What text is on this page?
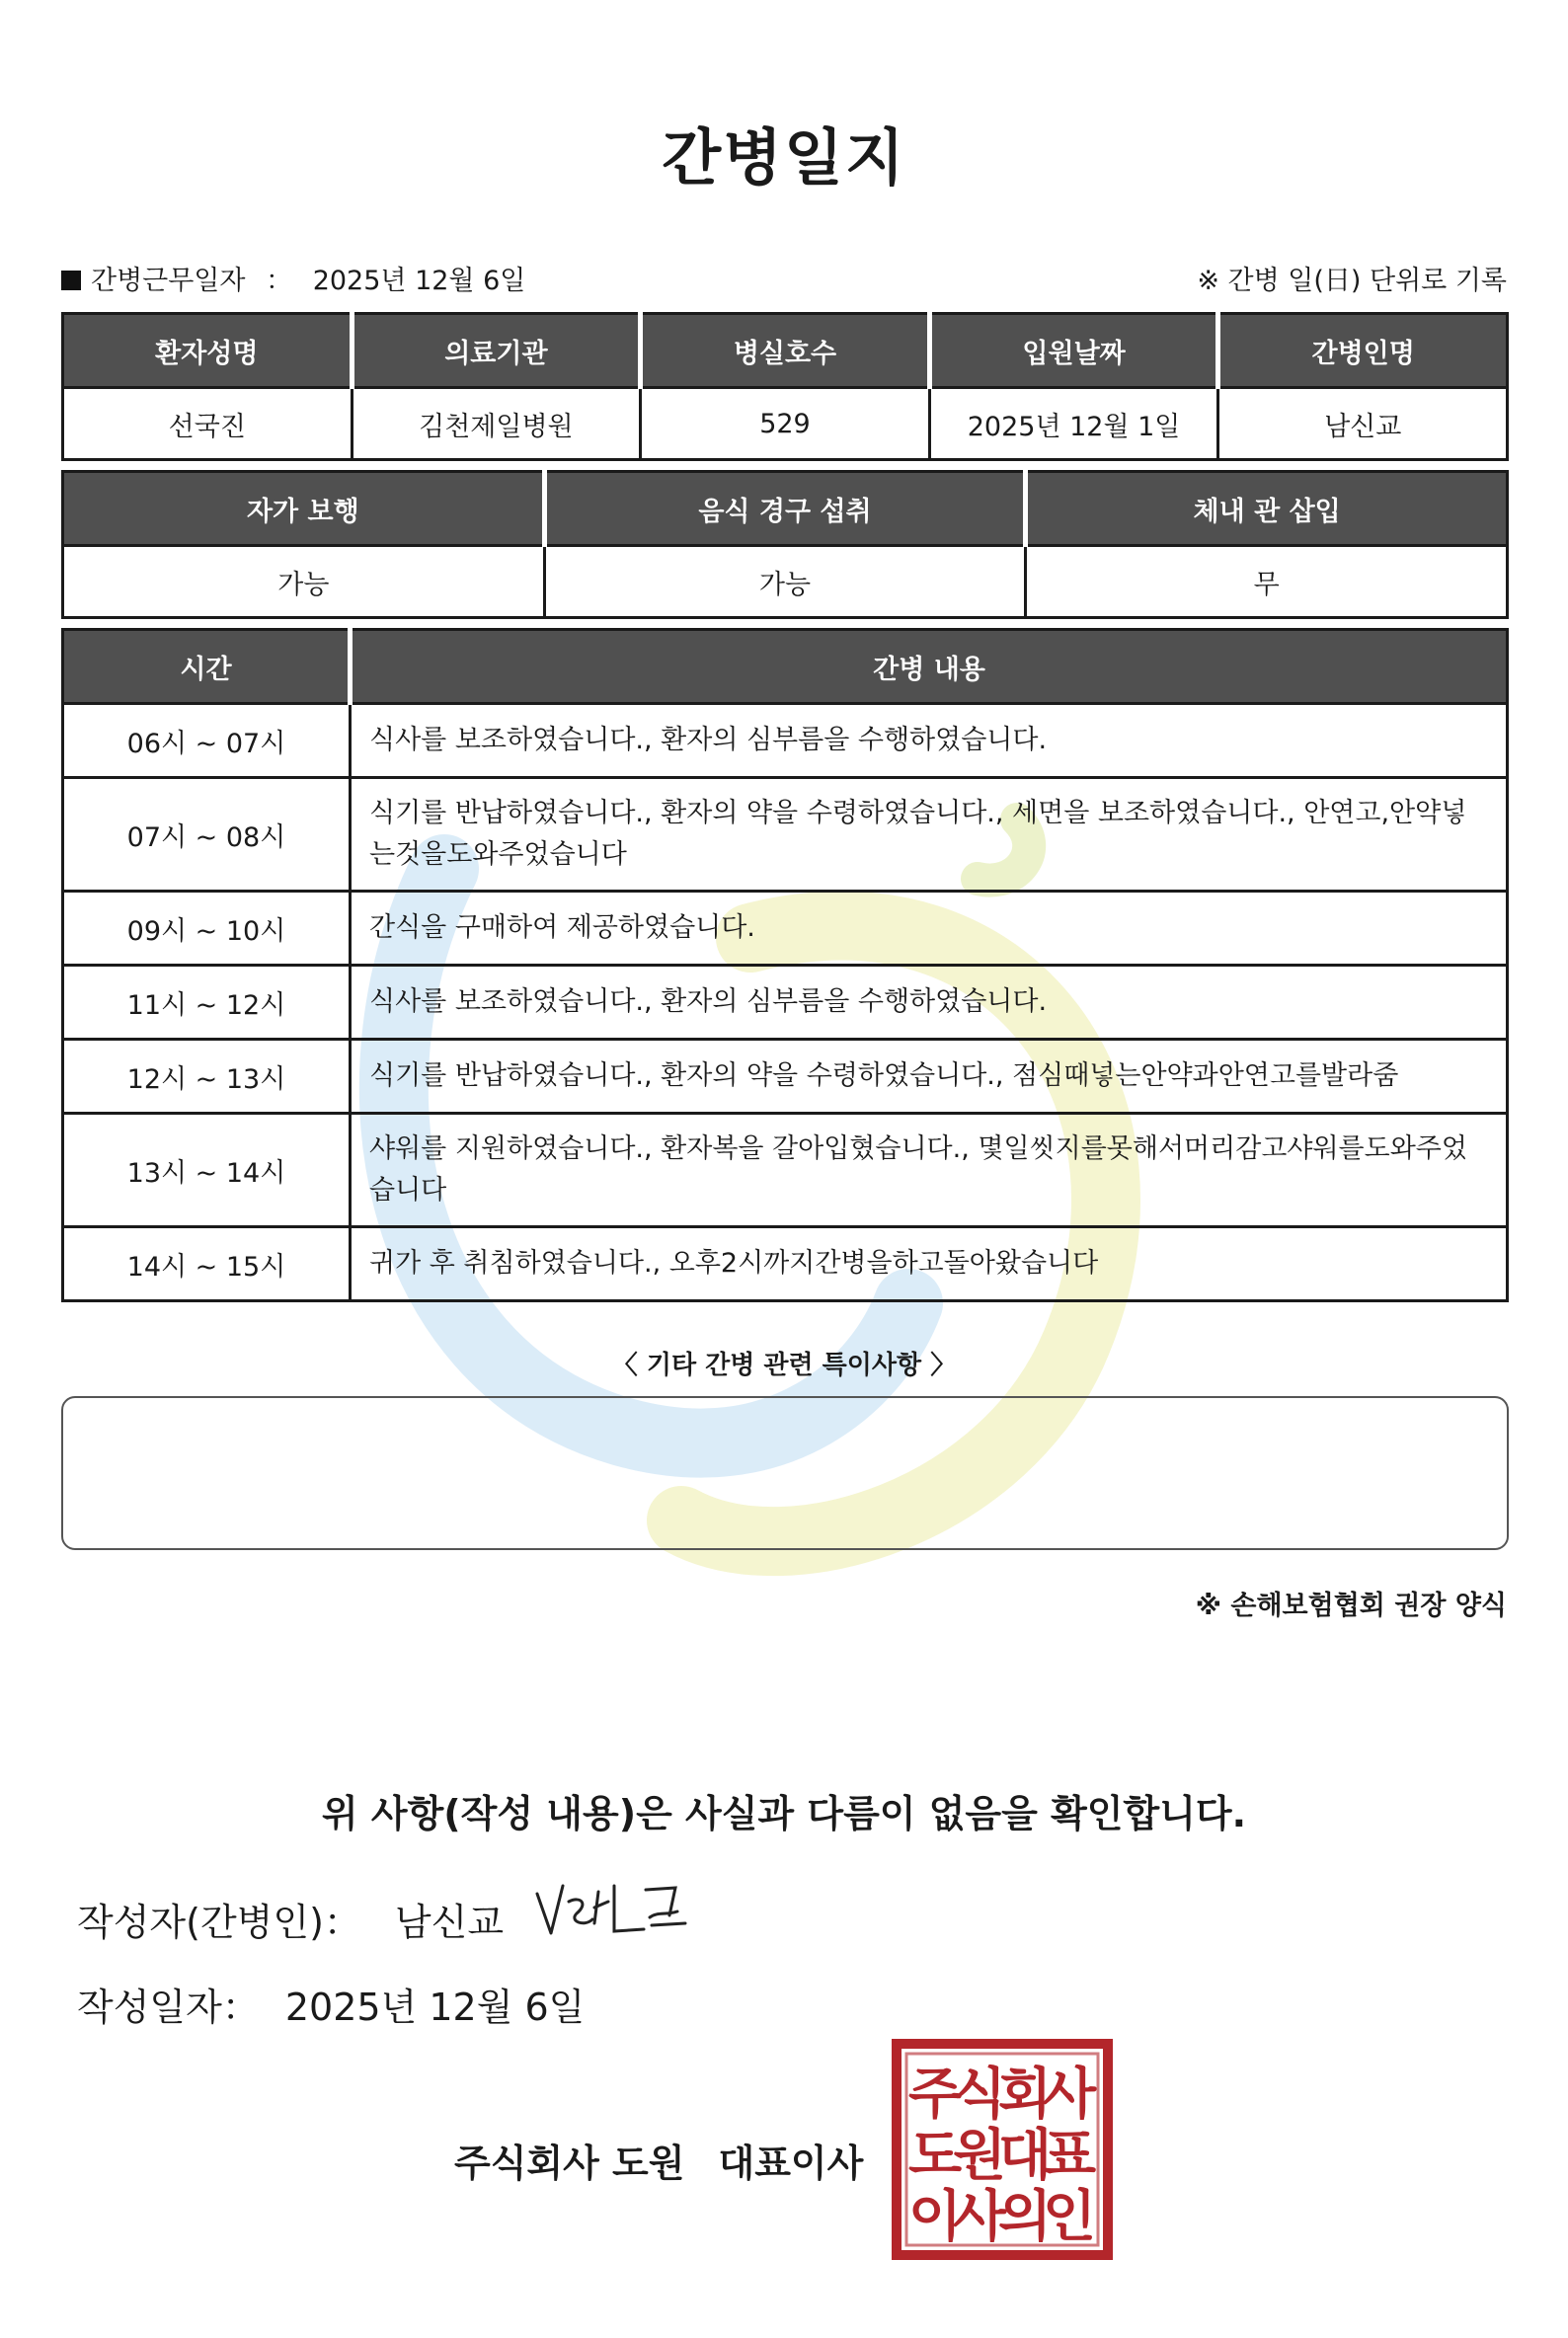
간병일지
간병근무일자 ： 2025년 12월 6일	※ 간병 일(日) 단위로 기록
환자성명	의료기관	병실호수	입원날짜	간병인명
선국진	김천제일병원	529	2025년 12월 1일	남신교
자가 보행	음식 경구 섭취	체내 관 삽입
가능	가능	무
시간	간병 내용
06시 ~ 07시	식사를 보조하였습니다., 환자의 심부름을 수행하였습니다.
07시 ~ 08시	식기를 반납하였습니다., 환자의 약을 수령하였습니다., 세면을 보조하였습니다., 안연고,안약넣는것을도와주었습니다
09시 ~ 10시	간식을 구매하여 제공하였습니다.
11시 ~ 12시	식사를 보조하였습니다., 환자의 심부름을 수행하였습니다.
12시 ~ 13시	식기를 반납하였습니다., 환자의 약을 수령하였습니다., 점심때넣는안약과안연고를발라줌
13시 ~ 14시	샤워를 지원하였습니다., 환자복을 갈아입혔습니다., 몇일씻지를못해서머리감고샤워를도와주었습니다
14시 ~ 15시	귀가 후 취침하였습니다., 오후2시까지간병을하고돌아왔습니다
〈 기타 간병 관련 특이사항 〉
※ 손해보험협회 권장 양식
위 사항(작성 내용)은 사실과 다름이 없음을 확인합니다.
작성자(간병인)： 남신교
작성일자： 2025년 12월 6일
주식회사 도원 대표이사
주
식
회
사
도
원
대
표
이
사
의
인
